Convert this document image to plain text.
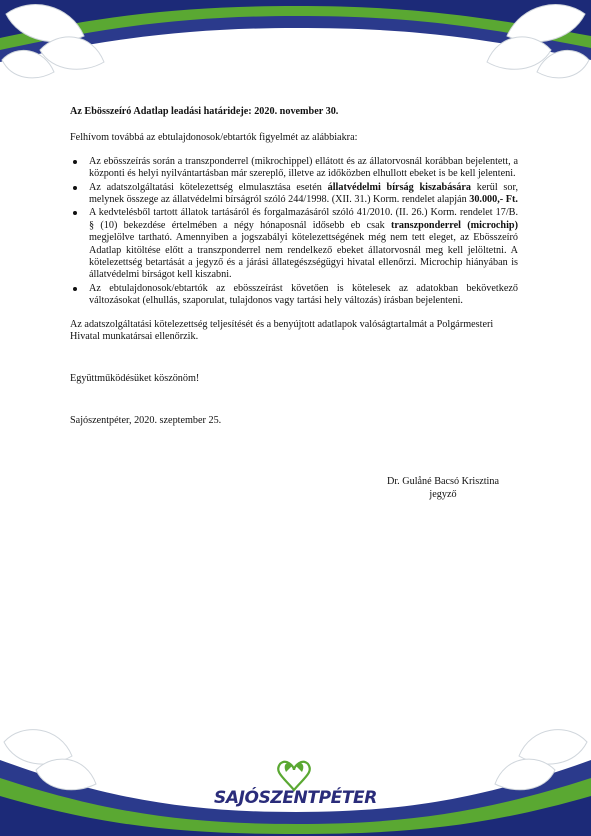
Az Ebösszeíró Adatlap leadási határideje: 2020. november 30.

Felhívom továbbá az ebtulajdonosok/ebtartók figyelmét az alábbiakra:

Az ebösszeírás során a transzponderrel (mikrochippel) ellátott és az állatorvosnál korábban bejelentett, a központi és helyi nyilvántartásban már szereplő, illetve az időközben elhullott ebeket is be kell jelenteni.
Az adatszolgáltatási kötelezettség elmulasztása esetén állatvédelmi bírság kiszabására kerül sor, melynek összege az állatvédelmi bírságról szóló 244/1998. (XII. 31.) Korm. rendelet alapján 30.000,- Ft.
A kedvtelésből tartott állatok tartásáról és forgalmazásáról szóló 41/2010. (II. 26.) Korm. rendelet 17/B. § (10) bekezdése értelmében a négy hónaposnál idősebb eb csak transzponderrel (microchip) megjelölve tartható. Amennyiben a jogszabályi kötelezettségének még nem tett eleget, az Ebösszeíró Adatlap kitöltése előtt a transzponderrel nem rendelkező ebeket állatorvosnál meg kell jelöltetni. A kötelezettség betartását a jegyző és a járási állategészségügyi hivatal ellenőrzi. Microchip hiányában is állatvédelmi bírságot kell kiszabni.
Az ebtulajdonosok/ebtartók az ebösszeírást követően is kötelesek az adatokban bekövetkező változásokat (elhullás, szaporulat, tulajdonos vagy tartási hely változás) írásban bejelenteni.

Az adatszolgáltatási kötelezettség teljesítését és a benyújtott adatlapok valóságtartalmát a Polgármesteri Hivatal munkatársai ellenőrzik.

Együttműködésüket köszönöm!

Sajószentpéter, 2020. szeptember 25.

Dr. Gulåné Bacsó Krisztina
jegyző
SAJÓSZENTPÉTER
